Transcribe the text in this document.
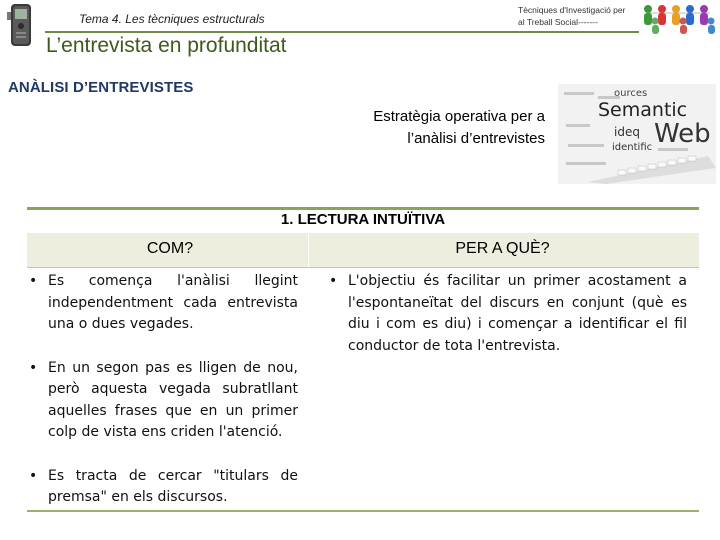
Tema 4. Les tècniques estructurals
Tècniques d'Investigació per
al Treball Social-------
L’entrevista en profunditat
ANÀLISI D’ENTREVISTES
Estratègia operativa per a
l’anàlisi d’entrevistes
Semantic
Web
ources
ideq
identific
1. LECTURA INTUÏTIVA
COM?	PER A QUÈ?
• Es comença l'anàlisi llegint independentment cada entrevista una o dues vegades.
• En un segon pas es lligen de nou, però aquesta vegada subratllant aquelles frases que en un primer colp de vista ens criden l'atenció.
• Es tracta de cercar "titulars de premsa" en els discursos.
• L'objectiu és facilitar un primer acostament a l'espontaneïtat del discurs en conjunt (què es diu i com es diu) i començar a identificar el fil conductor de tota l'entrevista.
